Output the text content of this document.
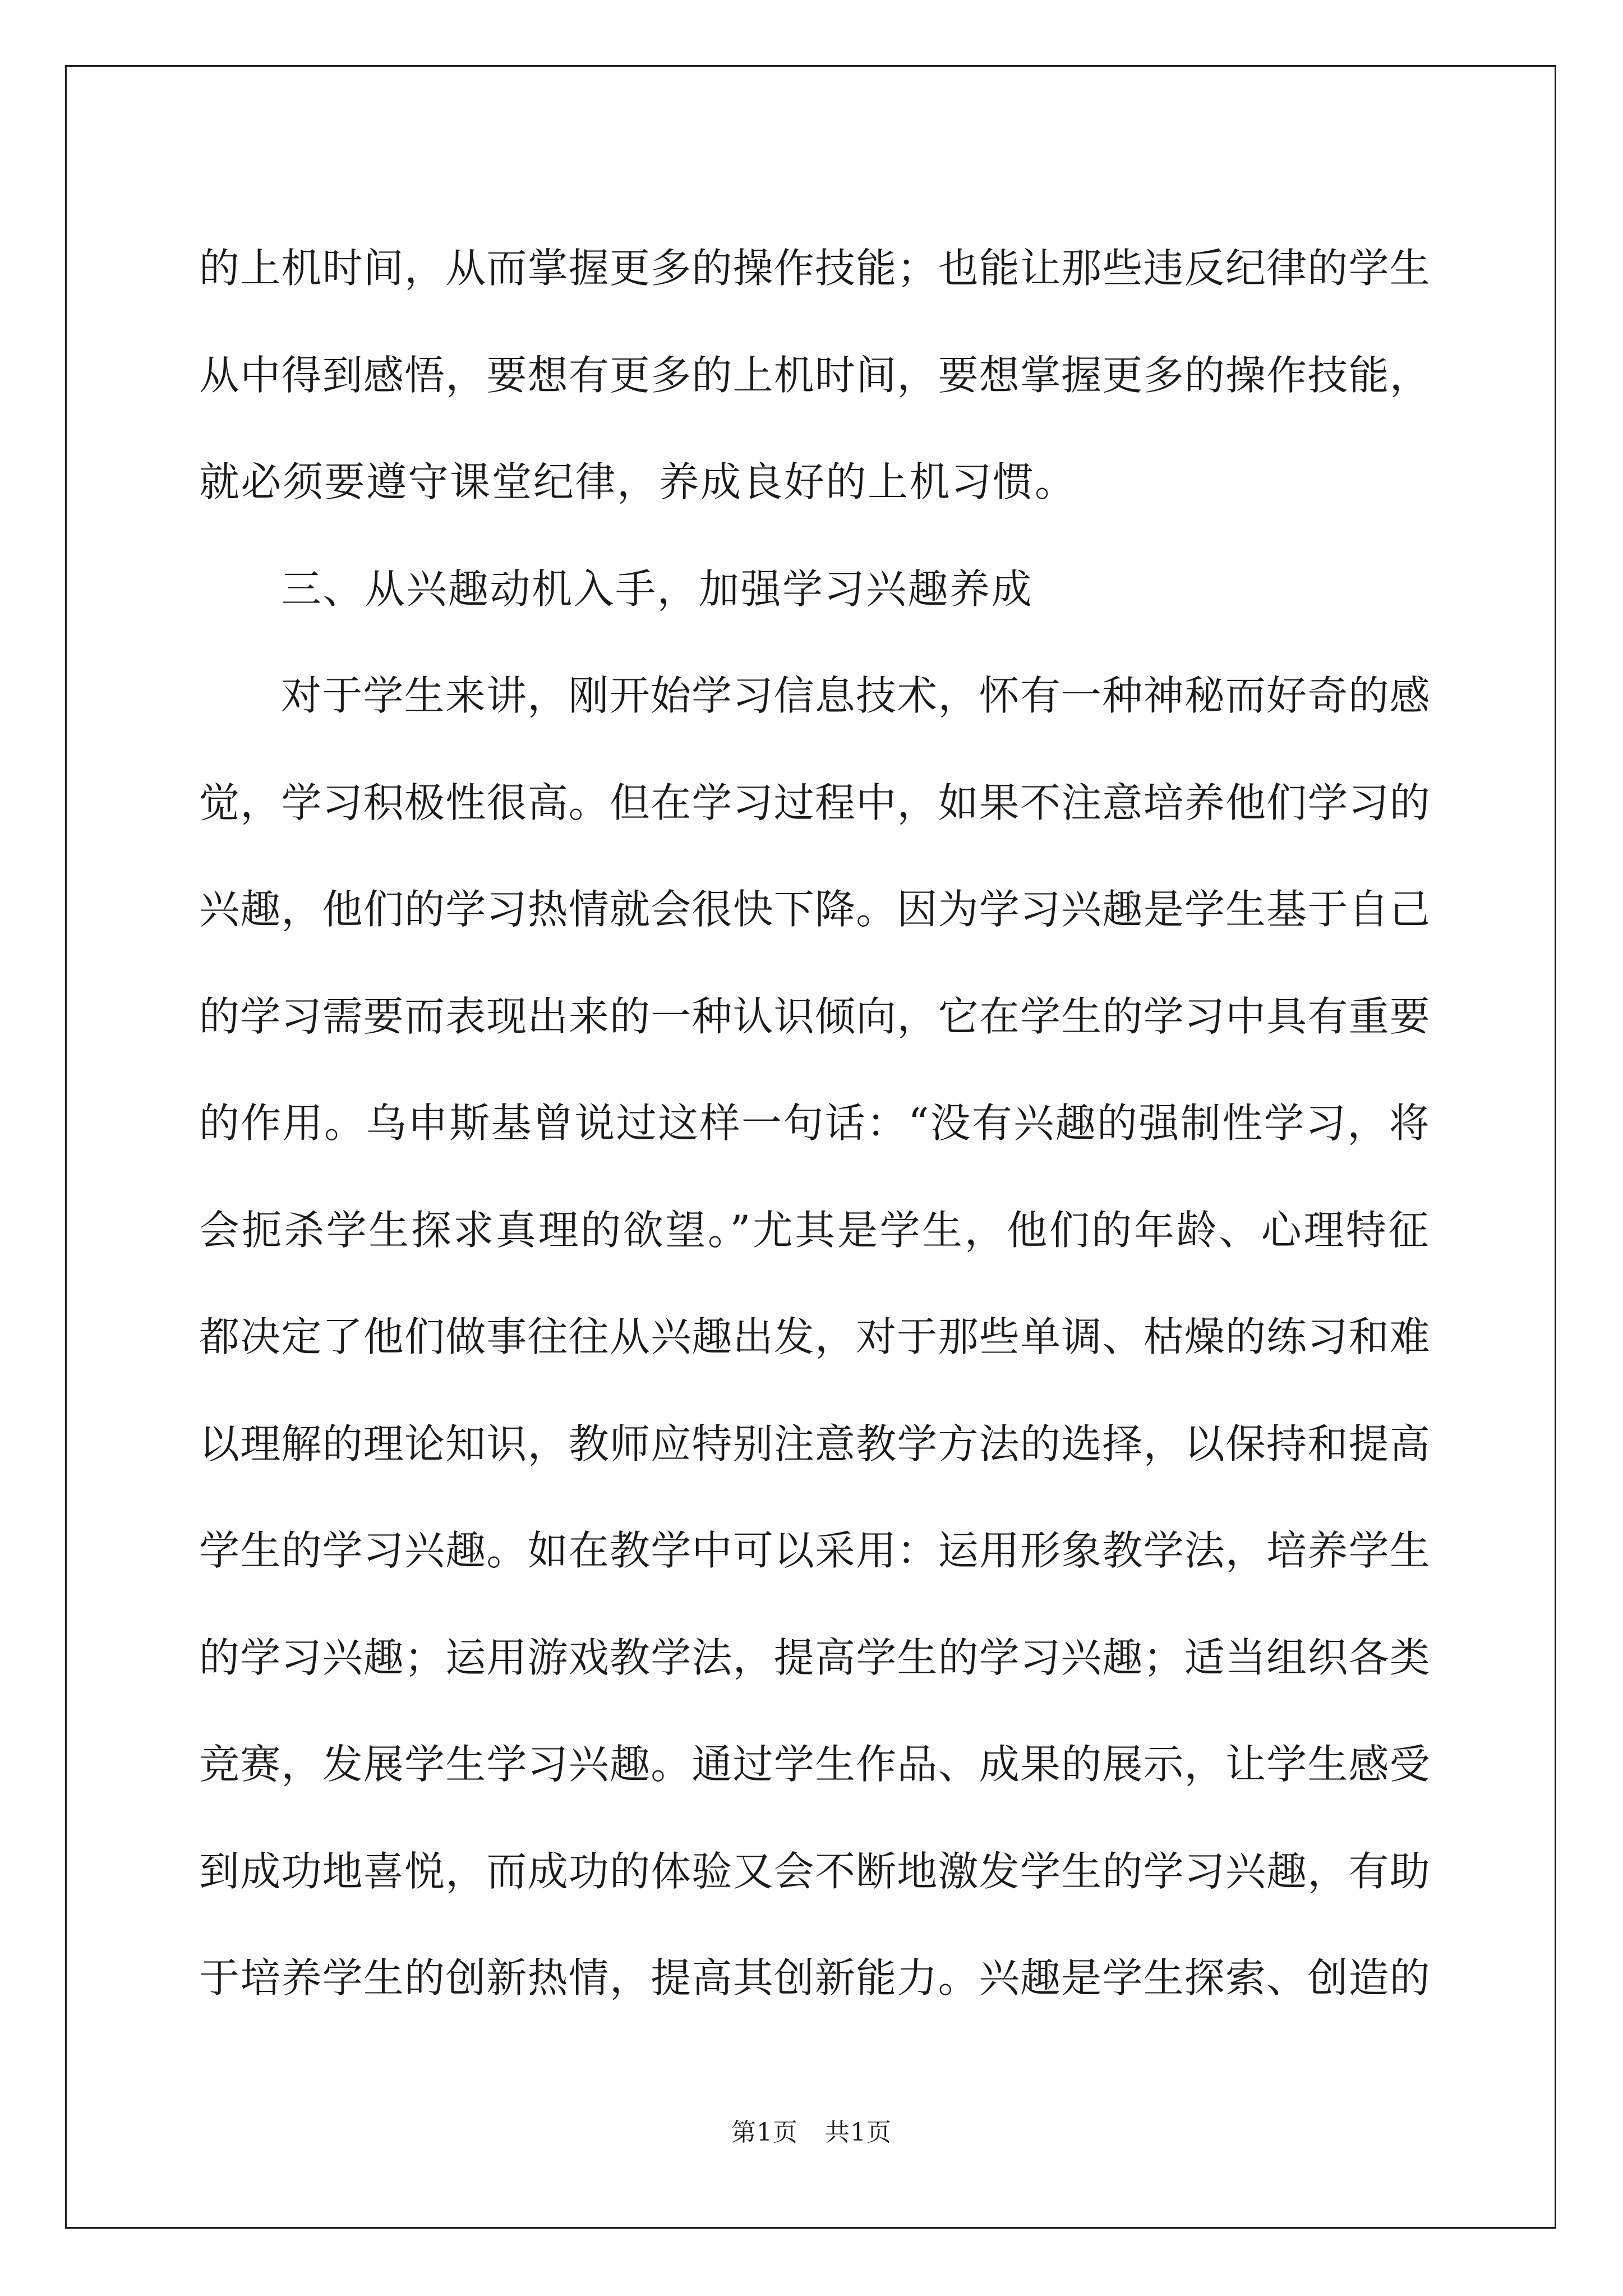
的上机时间，从而掌握更多的操作技能；也能让那些违反纪律的学生
从中得到感悟，要想有更多的上机时间，要想掌握更多的操作技能，
就必须要遵守课堂纪律，养成良好的上机习惯。
三、从兴趣动机入手，加强学习兴趣养成
对于学生来讲，刚开始学习信息技术，怀有一种神秘而好奇的感
觉，学习积极性很高。但在学习过程中，如果不注意培养他们学习的
兴趣，他们的学习热情就会很快下降。因为学习兴趣是学生基于自己
的学习需要而表现出来的一种认识倾向，它在学生的学习中具有重要
的作用。乌申斯基曾说过这样一句话：“没有兴趣的强制性学习，将
会扼杀学生探求真理的欲望。”尤其是学生，他们的年龄、心理特征
都决定了他们做事往往从兴趣出发，对于那些单调、枯燥的练习和难
以理解的理论知识，教师应特别注意教学方法的选择，以保持和提高
学生的学习兴趣。如在教学中可以采用：运用形象教学法，培养学生
的学习兴趣；运用游戏教学法，提高学生的学习兴趣；适当组织各类
竞赛，发展学生学习兴趣。通过学生作品、成果的展示，让学生感受
到成功地喜悦，而成功的体验又会不断地激发学生的学习兴趣，有助
于培养学生的创新热情，提高其创新能力。兴趣是学生探索、创造的
第1页 共1页
